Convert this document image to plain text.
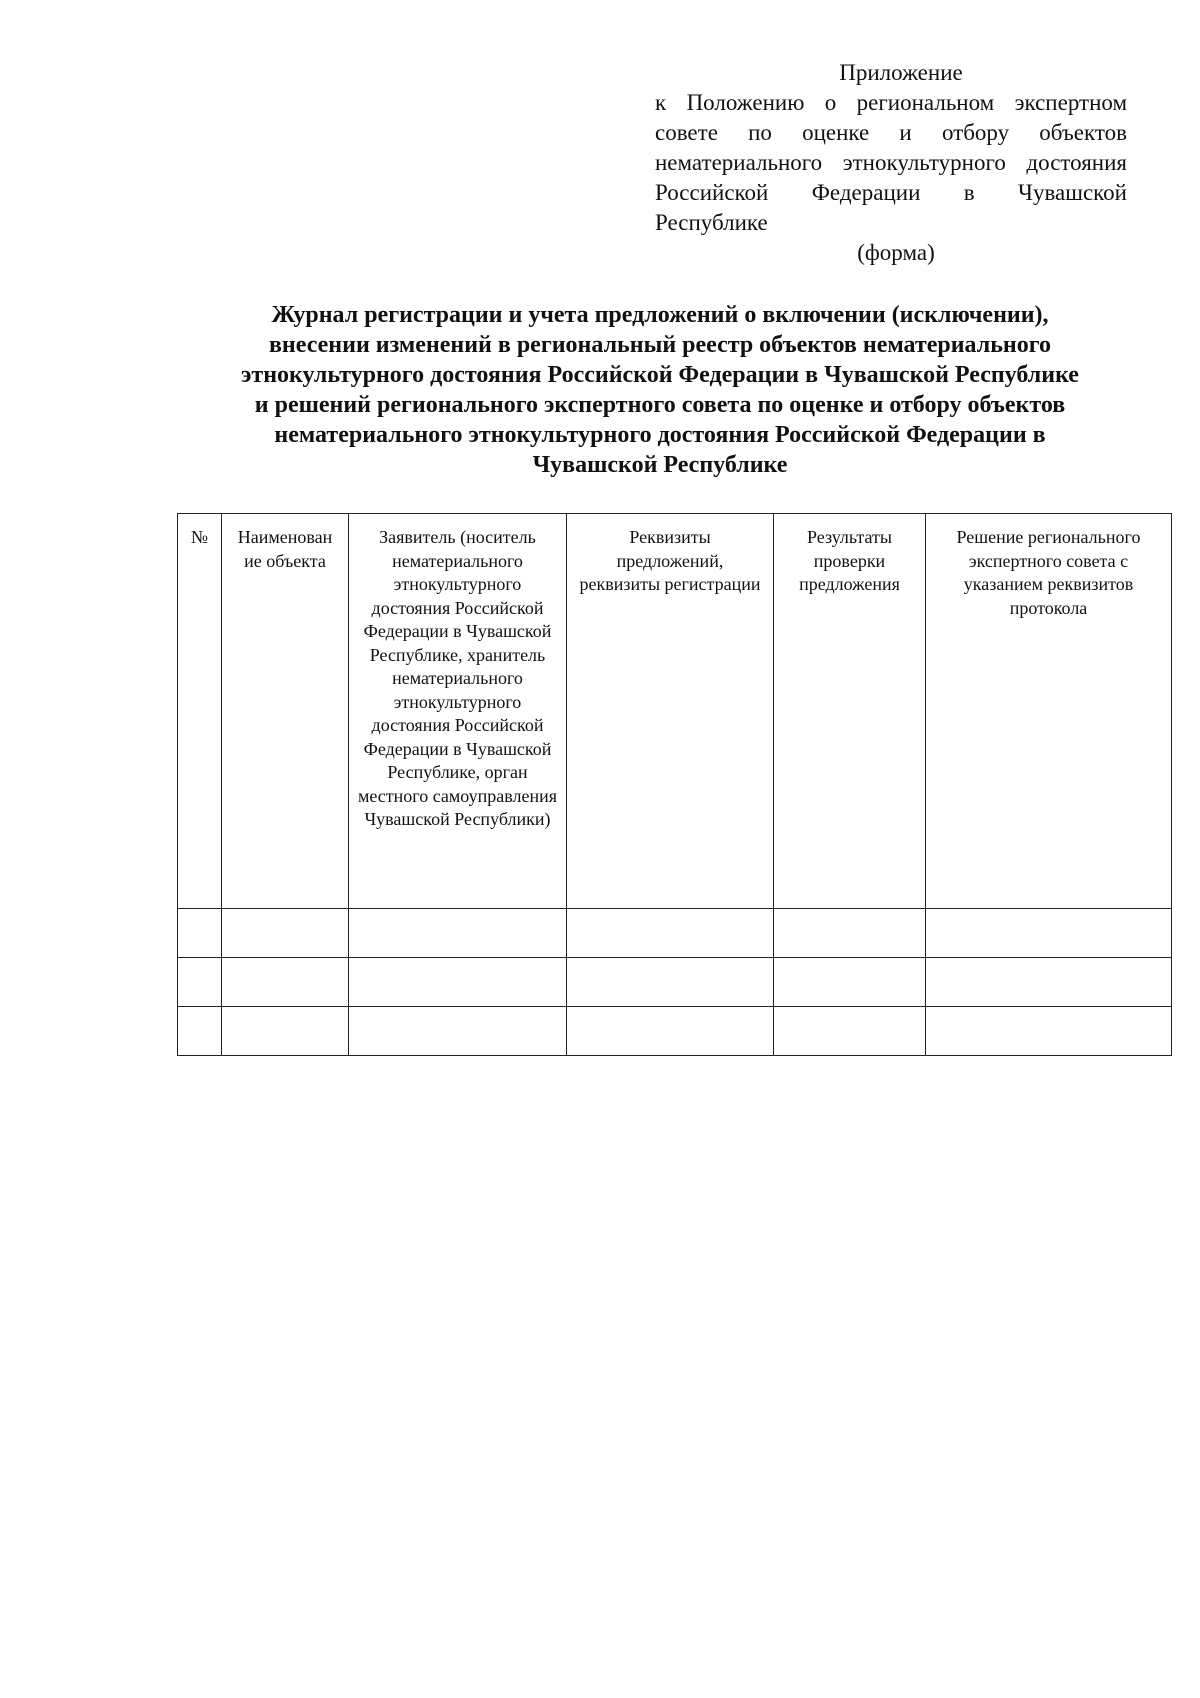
Приложение
к Положению о региональном экспертном совете по оценке и отбору объектов нематериального этнокультурного достояния Российской Федерации в Чувашской Республике
(форма)
Журнал регистрации и учета предложений о включении (исключении),
внесении изменений в региональный реестр объектов нематериального
этнокультурного достояния Российской Федерации в Чувашской Республике
и решений регионального экспертного совета по оценке и отбору объектов
нематериального этнокультурного достояния Российской Федерации в
Чувашской Республике
№	Наименован ие объекта	Заявитель (носитель нематериального этнокультурного достояния Российской Федерации в Чувашской Республике, хранитель нематериального этнокультурного достояния Российской Федерации в Чувашской Республике, орган местного самоуправления Чувашской Республики)	Реквизиты предложений, реквизиты регистрации	Результаты проверки предложения	Решение регионального экспертного совета с указанием реквизитов протокола
